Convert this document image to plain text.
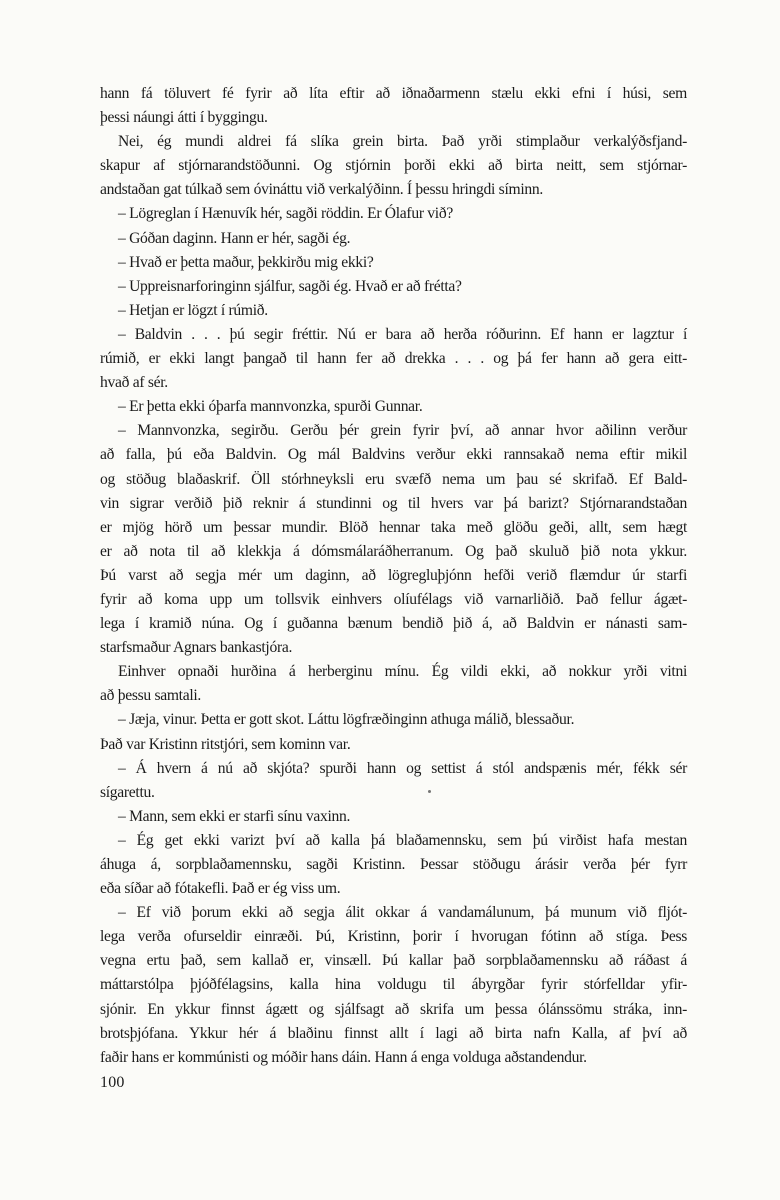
hann fá töluvert fé fyrir að líta eftir að iðnaðarmenn stælu ekki efni í húsi, sem
þessi náungi átti í byggingu.
Nei, ég mundi aldrei fá slíka grein birta. Það yrði stimplaður verkalýðsfjand-
skapur af stjórnarandstöðunni. Og stjórnin þorði ekki að birta neitt, sem stjórnar-
andstaðan gat túlkað sem óvináttu við verkalýðinn. Í þessu hringdi síminn.
– Lögreglan í Hænuvík hér, sagði röddin. Er Ólafur við?
– Góðan daginn. Hann er hér, sagði ég.
– Hvað er þetta maður, þekkirðu mig ekki?
– Uppreisnarforinginn sjálfur, sagði ég. Hvað er að frétta?
– Hetjan er lögzt í rúmið.
– Baldvin . . . þú segir fréttir. Nú er bara að herða róðurinn. Ef hann er lagztur í
rúmið, er ekki langt þangað til hann fer að drekka . . . og þá fer hann að gera eitt-
hvað af sér.
– Er þetta ekki óþarfa mannvonzka, spurði Gunnar.
– Mannvonzka, segirðu. Gerðu þér grein fyrir því, að annar hvor aðilinn verður
að falla, þú eða Baldvin. Og mál Baldvins verður ekki rannsakað nema eftir mikil
og stöðug blaðaskrif. Öll stórhneyksli eru svæfð nema um þau sé skrifað. Ef Bald-
vin sigrar verðið þið reknir á stundinni og til hvers var þá barizt? Stjórnarandstaðan
er mjög hörð um þessar mundir. Blöð hennar taka með glöðu geði, allt, sem hægt
er að nota til að klekkja á dómsmálaráðherranum. Og það skuluð þið nota ykkur.
Þú varst að segja mér um daginn, að lögregluþjónn hefði verið flæmdur úr starfi
fyrir að koma upp um tollsvik einhvers olíufélags við varnarliðið. Það fellur ágæt-
lega í kramið núna. Og í guðanna bænum bendið þið á, að Baldvin er nánasti sam-
starfsmaður Agnars bankastjóra.
Einhver opnaði hurðina á herberginu mínu. Ég vildi ekki, að nokkur yrði vitni
að þessu samtali.
– Jæja, vinur. Þetta er gott skot. Láttu lögfræðinginn athuga málið, blessaður.
Það var Kristinn ritstjóri, sem kominn var.
– Á hvern á nú að skjóta? spurði hann og settist á stól andspænis mér, fékk sér
sígarettu.
– Mann, sem ekki er starfi sínu vaxinn.
– Ég get ekki varizt því að kalla þá blaðamennsku, sem þú virðist hafa mestan
áhuga á, sorpblaðamennsku, sagði Kristinn. Þessar stöðugu árásir verða þér fyrr
eða síðar að fótakefli. Það er ég viss um.
– Ef við þorum ekki að segja álit okkar á vandamálunum, þá munum við fljót-
lega verða ofurseldir einræði. Þú, Kristinn, þorir í hvorugan fótinn að stíga. Þess
vegna ertu það, sem kallað er, vinsæll. Þú kallar það sorpblaðamennsku að ráðast á
máttarstólpa þjóðfélagsins, kalla hina voldugu til ábyrgðar fyrir stórfelldar yfir-
sjónir. En ykkur finnst ágætt og sjálfsagt að skrifa um þessa ólánssömu stráka, inn-
brotsþjófana. Ykkur hér á blaðinu finnst allt í lagi að birta nafn Kalla, af því að
faðir hans er kommúnisti og móðir hans dáin. Hann á enga volduga aðstandendur.
100
